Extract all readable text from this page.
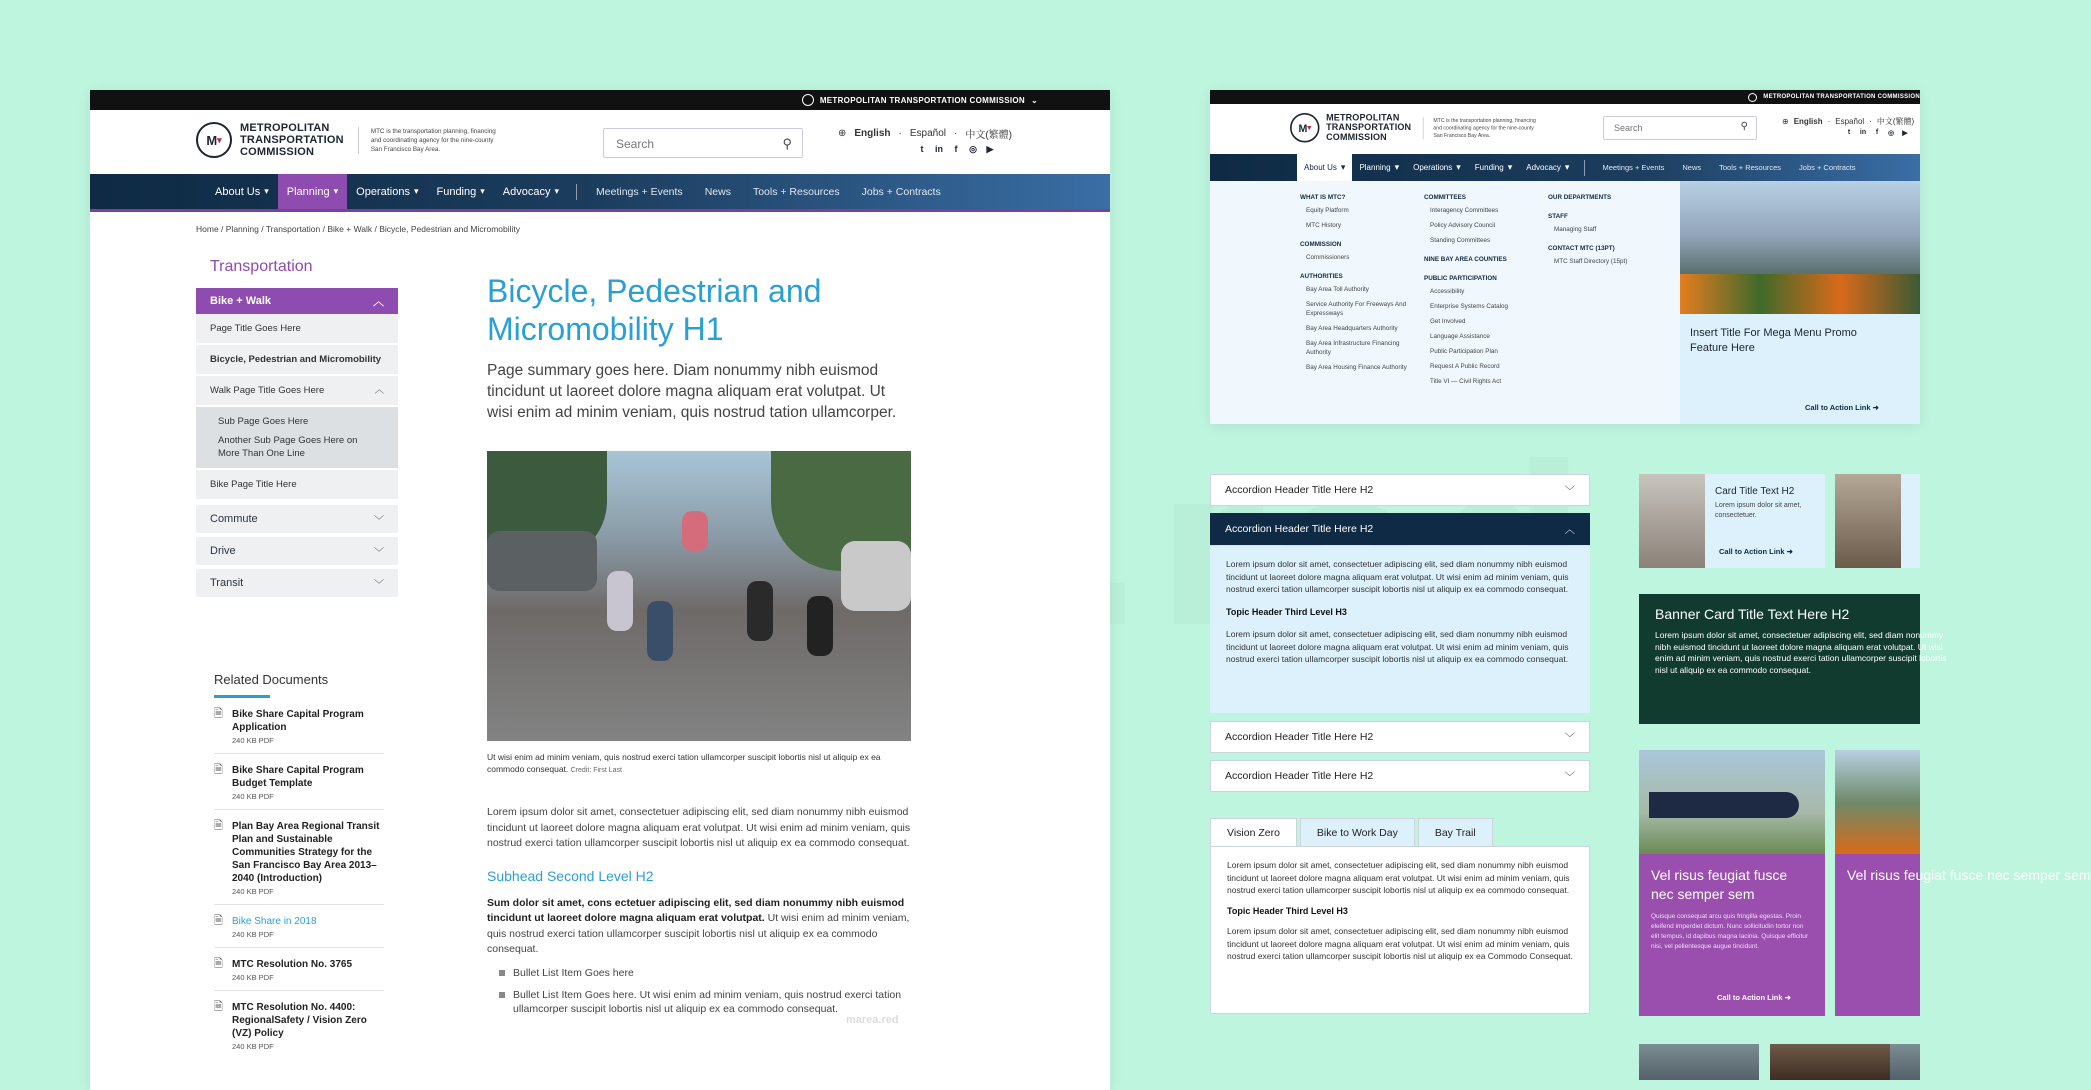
METROPOLITAN TRANSPORTATION COMMISSION ⌄
M ▾
METROPOLITAN
TRANSPORTATION
COMMISSION
MTC is the transportation planning, financing and coordinating agency for the nine-county San Francisco Bay Area.	Search	⚲
⊕ English · Español · 中文(繁體)
t	in	f	◎ ▶
About Us ▾	Planning ▾	Operations ▾	Funding ▾	Advocacy ▾	Meetings + Events	News	Tools + Resources	Jobs + Contracts
Home / Planning / Transportation / Bike + Walk / Bicycle, Pedestrian and Micromobility
Transportation
Bike + Walk	︿
Page Title Goes Here
Bicycle, Pedestrian and Micromobility
Walk Page Title Goes Here	︿
Sub Page Goes Here
Another Sub Page Goes Here on More Than One Line
Bike Page Title Here
Commute	﹀
Drive	﹀
Transit	﹀
Related Documents
🗎 Bike Share Capital Program Application
240 KB PDF
🗎 Bike Share Capital Program Budget Template
240 KB PDF
🗎 Plan Bay Area Regional Transit Plan and Sustainable Communities Strategy for the San Francisco Bay Area 2013–2040 (Introduction)
240 KB PDF
🗎 Bike Share in 2018
240 KB PDF
🗎 MTC Resolution No. 3765
240 KB PDF
🗎 MTC Resolution No. 4400: RegionalSafety / Vision Zero (VZ) Policy
240 KB PDF
Bicycle, Pedestrian and Micromobility H1
Page summary goes here. Diam nonummy nibh euismod tincidunt ut laoreet dolore magna aliquam erat volutpat. Ut wisi enim ad minim veniam, quis nostrud tation ullamcorper.
Ut wisi enim ad minim veniam, quis nostrud exerci tation ullamcorper suscipit lobortis nisl ut aliquip ex ea commodo consequat. Credit: First Last
Lorem ipsum dolor sit amet, consectetuer adipiscing elit, sed diam nonummy nibh euismod tincidunt ut laoreet dolore magna aliquam erat volutpat. Ut wisi enim ad minim veniam, quis nostrud exerci tation ullamcorper suscipit lobortis nisl ut aliquip ex ea commodo consequat.
Subhead Second Level H2
Sum dolor sit amet, cons ectetuer adipiscing elit, sed diam nonummy nibh euismod tincidunt ut laoreet dolore magna aliquam erat volutpat. Ut wisi enim ad minim veniam, quis nostrud exerci tation ullamcorper suscipit lobortis nisl ut aliquip ex ea commodo consequat.
Bullet List Item Goes here
Bullet List Item Goes here. Ut wisi enim ad minim veniam, quis nostrud exerci tation ullamcorper suscipit lobortis nisl ut aliquip ex ea commodo consequat.
marea.red
METROPOLITAN TRANSPORTATION COMMISSION
M ▾
METROPOLITAN
TRANSPORTATION
COMMISSION
MTC is the transportation planning, financing and coordinating agency for the nine-county San Francisco Bay Area.
Search	⚲	⊕ English · Español · 中文(繁體)
t	in	f	◎	▶
About Us ▾	Planning ▾	Operations ▾	Funding ▾	Advocacy ▾	Meetings + Events	News	Tools + Resources	Jobs + Contracts
WHAT IS MTC?
Equity Platform
MTC History
COMMISSION
Commissioners
AUTHORITIES
Bay Area Toll Authority
Service Authority For Freeways And Expressways
Bay Area Headquarters Authority
Bay Area Infrastructure Financing Authority
Bay Area Housing Finance Authority
COMMITTEES
Interagency Committees
Policy Advisory Council
Standing Committees
NINE BAY AREA COUNTIES
PUBLIC PARTICIPATION
Accessibility
Enterprise Systems Catalog
Get Involved
Language Assistance
Public Participation Plan
Request A Public Record
Title VI — Civil Rights Act
OUR DEPARTMENTS
STAFF
Managing Staff
CONTACT MTC (13PT)
MTC Staff Directory (15pt)
Insert Title For Mega Menu Promo Feature Here
Call to Action Link ➜
Accordion Header Title Here H2	﹀
Accordion Header Title Here H2	︿
Lorem ipsum dolor sit amet, consectetuer adipiscing elit, sed diam nonummy nibh euismod tincidunt ut laoreet dolore magna aliquam erat volutpat. Ut wisi enim ad minim veniam, quis nostrud exerci tation ullamcorper suscipit lobortis nisl ut aliquip ex ea commodo consequat.
Topic Header Third Level H3
Lorem ipsum dolor sit amet, consectetuer adipiscing elit, sed diam nonummy nibh euismod tincidunt ut laoreet dolore magna aliquam erat volutpat. Ut wisi enim ad minim veniam, quis nostrud exerci tation ullamcorper suscipit lobortis nisl ut aliquip ex ea commodo consequat.
Accordion Header Title Here H2	﹀
Accordion Header Title Here H2	﹀
Vision Zero	Bike to Work Day	Bay Trail
Lorem ipsum dolor sit amet, consectetuer adipiscing elit, sed diam nonummy nibh euismod tincidunt ut laoreet dolore magna aliquam erat volutpat. Ut wisi enim ad minim veniam, quis nostrud exerci tation ullamcorper suscipit lobortis nisl ut aliquip ex ea commodo consequat.
Topic Header Third Level H3
Lorem ipsum dolor sit amet, consectetuer adipiscing elit, sed diam nonummy nibh euismod tincidunt ut laoreet dolore magna aliquam erat volutpat. Ut wisi enim ad minim veniam, quis nostrud exerci tation ullamcorper suscipit lobortis nisl ut aliquip ex ea Commodo Consequat.
Card Title Text H2
Lorem ipsum dolor sit amet, consectetuer.
Call to Action Link ➜
Banner Card Title Text Here H2
Lorem ipsum dolor sit amet, consectetuer adipiscing elit, sed diam nonummy nibh euismod tincidunt ut laoreet dolore magna aliquam erat volutpat. Ut wisi enim ad minim veniam, quis nostrud exerci tation ullamcorper suscipit lobortis nisl ut aliquip ex ea commodo consequat.
Vel risus feugiat fusce nec semper sem
Quisque consequat arcu quis fringilla egestas. Proin eleifend imperdiet dictum. Nunc sollicitudin tortor non elit tempus, id dapibus magna lacinia. Quisque efficitur nisi, vel pellentesque augue tincidunt.
Call to Action Link ➜
Vel risus feugiat fusce nec semper sem
